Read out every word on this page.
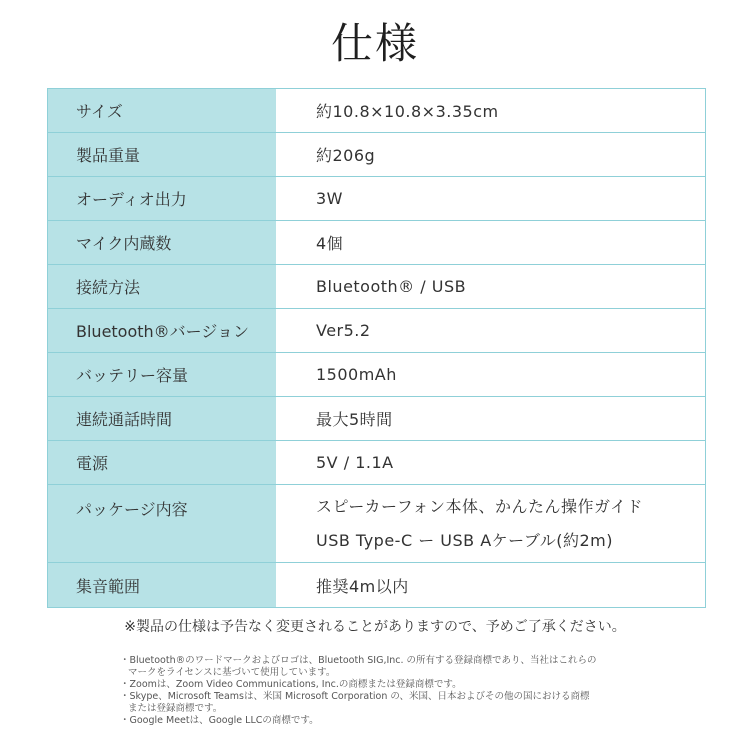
仕様
サイズ	約10.8×10.8×3.35cm
製品重量	約206g
オーディオ出力	3W
マイク内蔵数	4個
接続方法	Bluetooth® / USB
Bluetooth®バージョン	Ver5.2
バッテリー容量	1500mAh
連続通話時間	最大5時間
電源	5V / 1.1A
パッケージ内容	スピーカーフォン本体、かんたん操作ガイド
USB Type-C ー USB Aケーブル(約2m)
集音範囲	推奨4m以内
※製品の仕様は予告なく変更されることがありますので、予めご了承ください。
・Bluetooth®のワードマークおよびロゴは、Bluetooth SIG,Inc. の所有する登録商標であり、当社はこれらの
マークをライセンスに基づいて使用しています。
・Zoomは、Zoom Video Communications, Inc.の商標または登録商標です。
・Skype、Microsoft Teamsは、米国 Microsoft Corporation の、米国、日本およびその他の国における商標
または登録商標です。
・Google Meetは、Google LLCの商標です。
